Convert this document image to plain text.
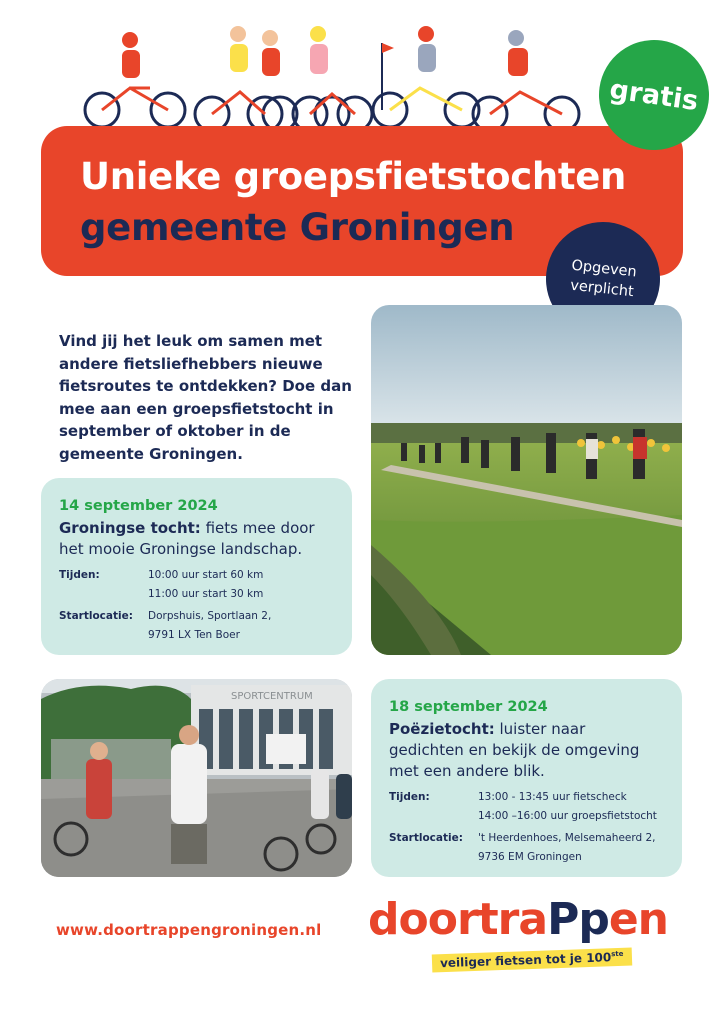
Unieke groepsfietstochten
gemeente Groningen
gratis
Opgeven
verplicht
Vind jij het leuk om samen met andere fietsliefhebbers nieuwe fietsroutes te ontdekken? Doe dan mee aan een groepsfietstocht in september of oktober in de gemeente Groningen.
14 september 2024
Groningse tocht: fiets mee door het mooie Groningse landschap.
Tijden:	10:00 uur start 60 km
11:00 uur start 30 km
Startlocatie:	Dorpshuis, Sportlaan 2,
9791 LX Ten Boer
SPORTCENTRUM
18 september 2024
Poëzietocht: luister naar gedichten en bekijk de omgeving met een andere blik.
Tijden:	13:00 - 13:45 uur fietscheck
14:00 –16:00 uur groepsfietstocht
Startlocatie:	't Heerdenhoes, Melsemaheerd 2,
9736 EM Groningen
www.doortrappengroningen.nl doortraPpen
veiliger fietsen tot je 100ste
